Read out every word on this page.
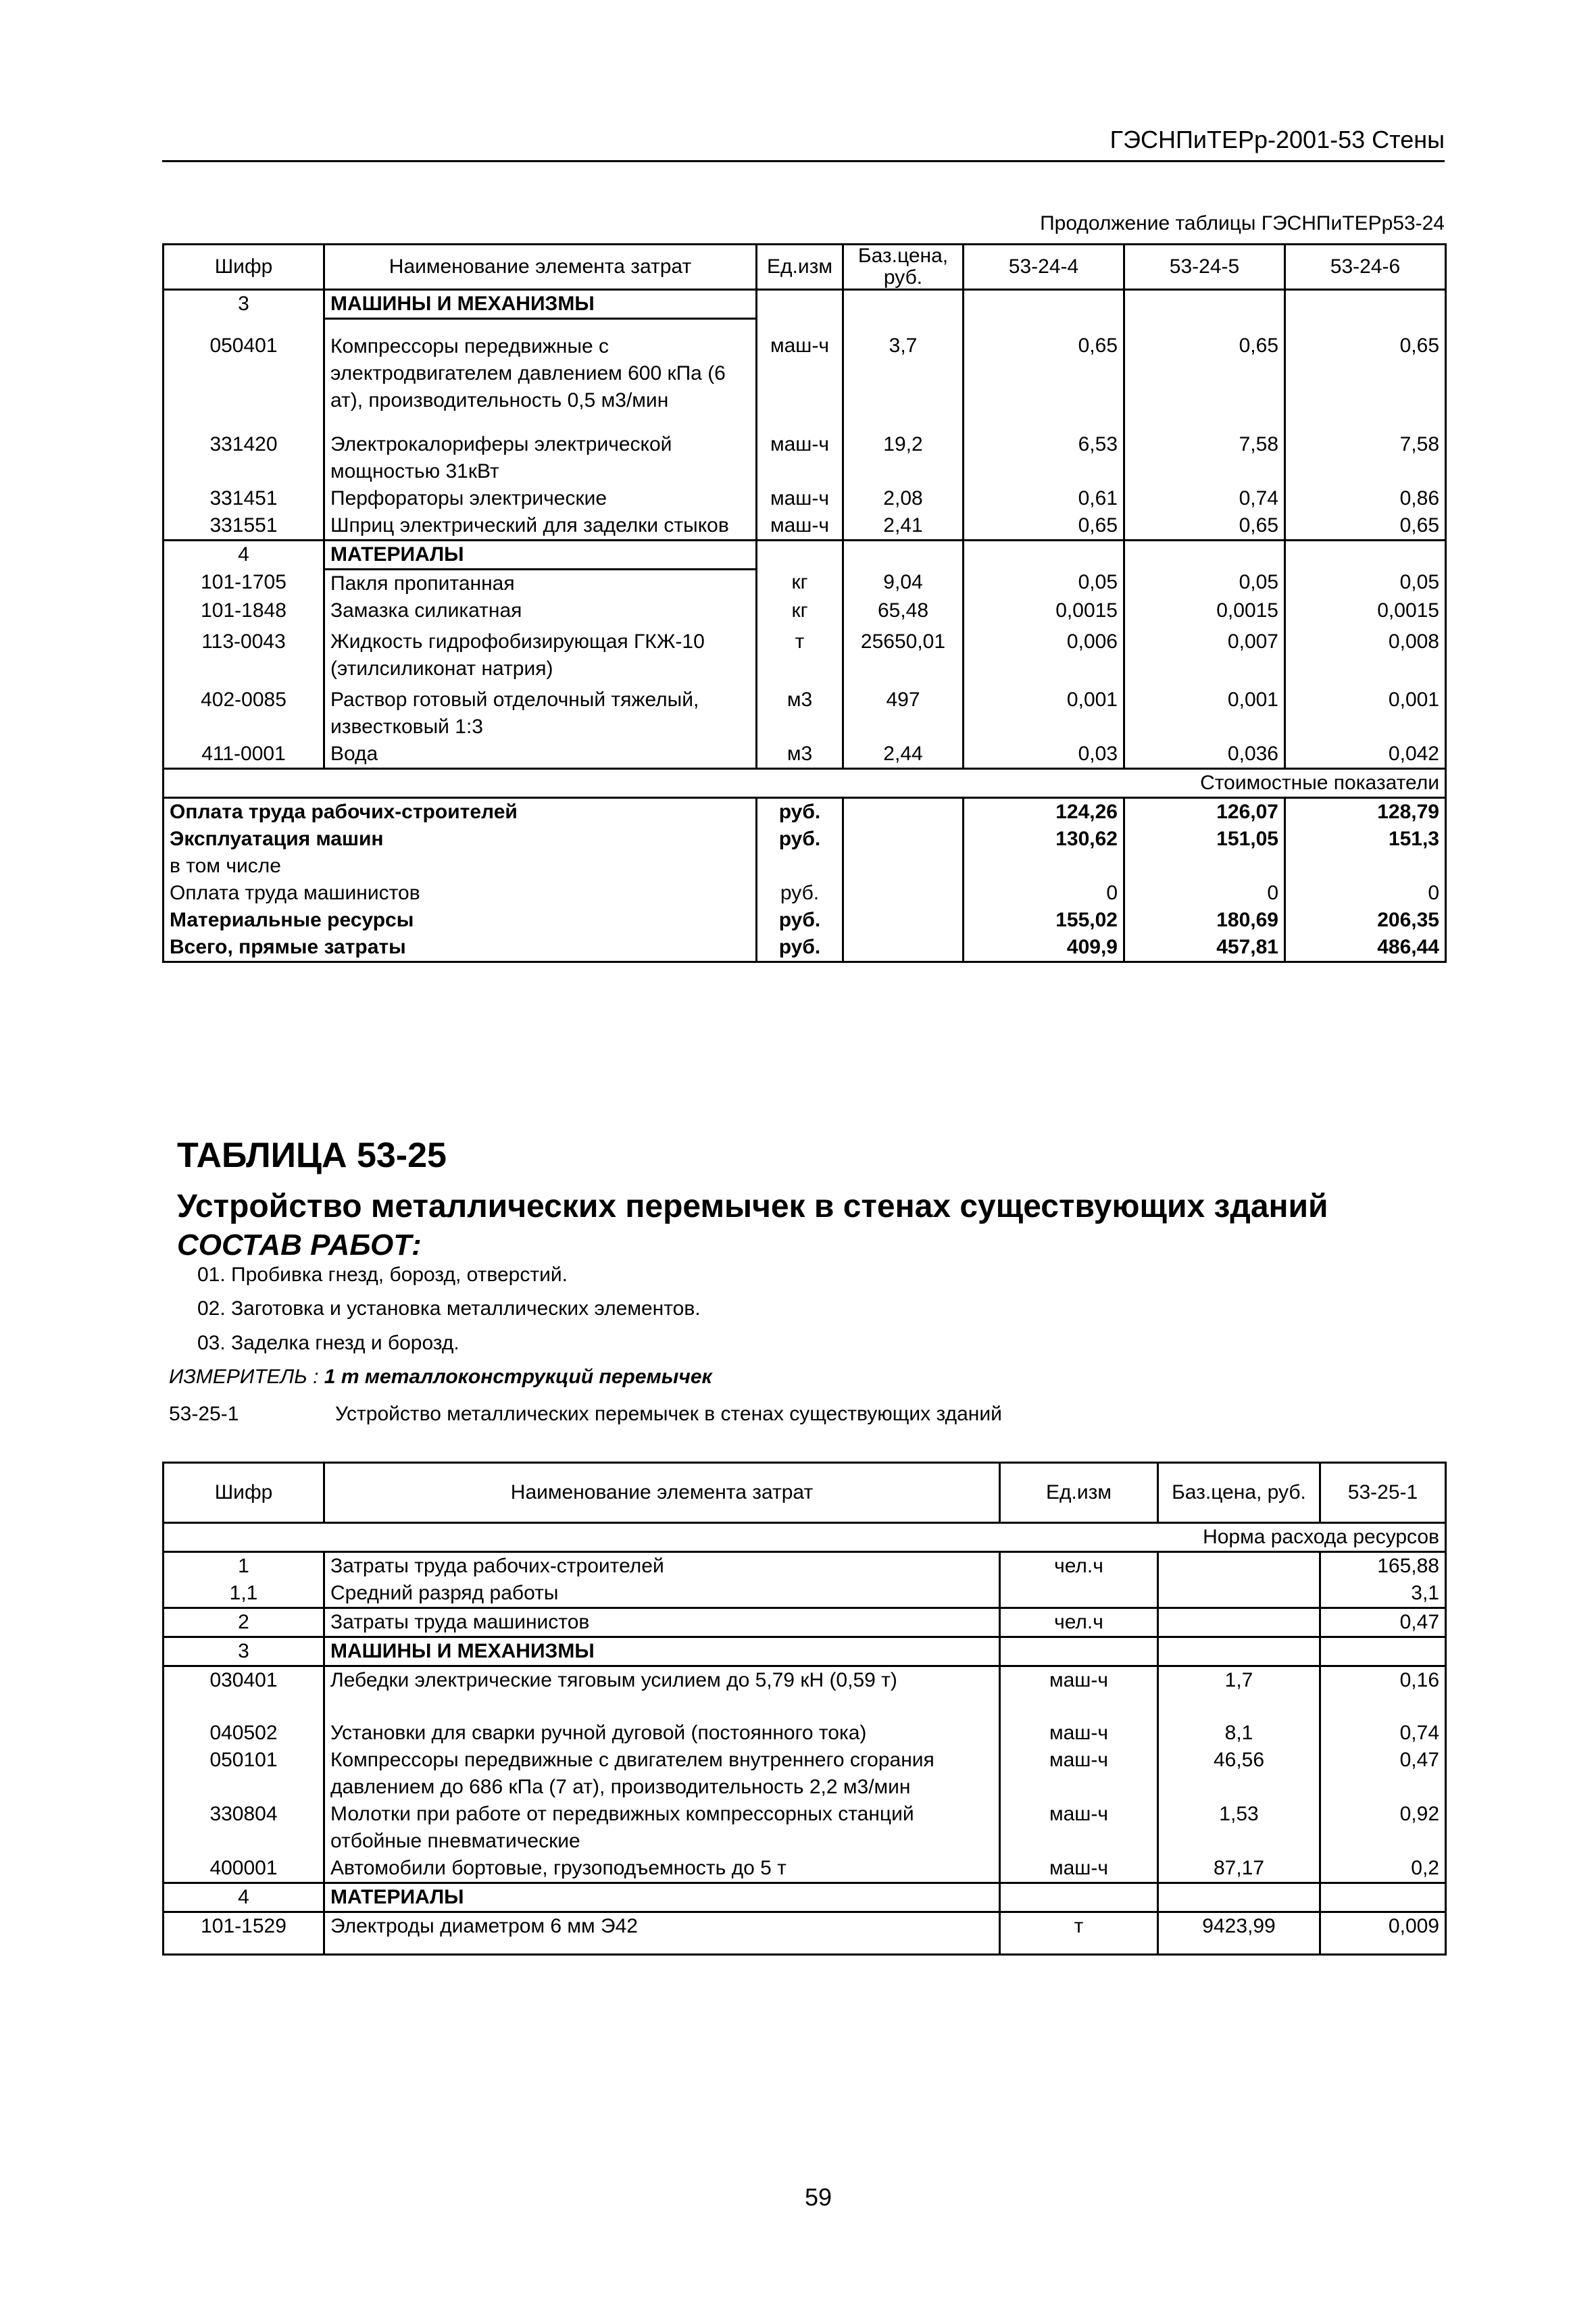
ГЭСНПиТЕРр-2001-53 Стены
Продолжение таблицы ГЭСНПиТЕРр53-24
Шифр	Наименование элемента затрат	Ед.изм	Баз.цена, руб.	53-24-4	53-24-5	53-24-6
3	МАШИНЫ И МЕХАНИЗМЫ					
050401	Компрессоры передвижные с электродвигателем давлением 600 кПа (6 ат), производительность 0,5 м3/мин	маш-ч	3,7	0,65	0,65	0,65
331420	Электрокалориферы электрической мощностью 31кВт	маш-ч	19,2	6,53	7,58	7,58
331451	Перфораторы электрические	маш-ч	2,08	0,61	0,74	0,86
331551	Шприц электрический для заделки стыков	маш-ч	2,41	0,65	0,65	0,65
4	МАТЕРИАЛЫ					
101-1705	Пакля пропитанная	кг	9,04	0,05	0,05	0,05
101-1848	Замазка силикатная	кг	65,48	0,0015	0,0015	0,0015
113-0043	Жидкость гидрофобизирующая ГКЖ-10 (этилсиликонат натрия)	т	25650,01	0,006	0,007	0,008
402-0085	Раствор готовый отделочный тяжелый, известковый 1:3	м3	497	0,001	0,001	0,001
411-0001	Вода	м3	2,44	0,03	0,036	0,042
Стоимостные показатели						
Оплата труда рабочих-строителей		руб.		124,26	126,07	128,79
Эксплуатация машин		руб.		130,62	151,05	151,3
в том числе						
Оплата труда машинистов		руб.		0	0	0
Материальные ресурсы		руб.		155,02	180,69	206,35
Всего, прямые затраты		руб.		409,9	457,81	486,44
ТАБЛИЦА 53-25
Устройство металлических перемычек в стенах существующих зданий
СОСТАВ РАБОТ:
01. Пробивка гнезд, борозд, отверстий.
02. Заготовка и установка металлических элементов.
03. Заделка гнезд и борозд.
ИЗМЕРИТЕЛЬ : 1 т металлоконструкций перемычек
53-25-1	Устройство металлических перемычек в стенах существующих зданий
Шифр	Наименование элемента затрат	Ед.изм	Баз.цена, руб.	53-25-1
Норма расхода ресурсов				
1	Затраты труда рабочих-строителей	чел.ч		165,88
1,1	Средний разряд работы			3,1
2	Затраты труда машинистов	чел.ч		0,47
3	МАШИНЫ И МЕХАНИЗМЫ			
030401	Лебедки электрические тяговым усилием до 5,79 кН (0,59 т)	маш-ч	1,7	0,16
040502	Установки для сварки ручной дуговой (постоянного тока)	маш-ч	8,1	0,74
050101	Компрессоры передвижные с двигателем внутреннего сгорания давлением до 686 кПа (7 ат), производительность 2,2 м3/мин	маш-ч	46,56	0,47
330804	Молотки при работе от передвижных компрессорных станций отбойные пневматические	маш-ч	1,53	0,92
400001	Автомобили бортовые, грузоподъемность до 5 т	маш-ч	87,17	0,2
4	МАТЕРИАЛЫ			
101-1529	Электроды диаметром 6 мм Э42	т	9423,99	0,009
59
